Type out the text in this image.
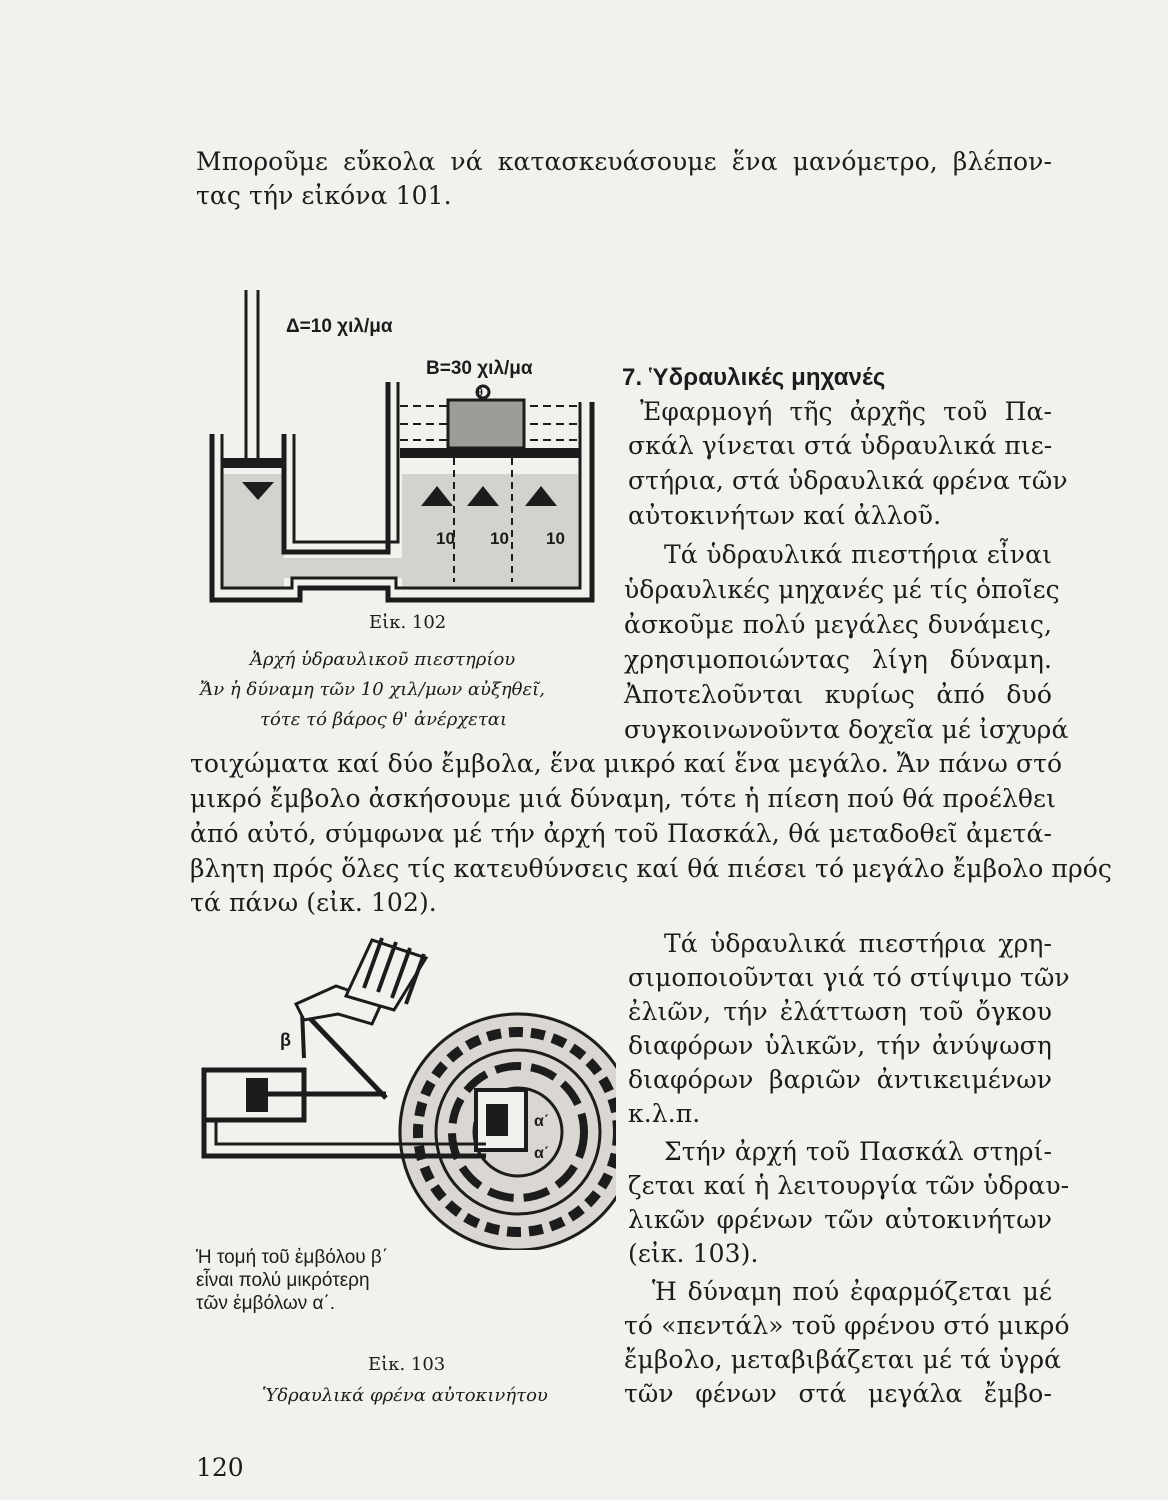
Μποροῦμε εὔκολα νά κατασκευάσουμε ἕνα μανόμετρο, βλέπον-
τας τήν εἰκόνα 101.
Δ=10 χιλ/μα
Β=30 χιλ/μα
θ
10 10 10
Εἰκ. 102
Ἀρχή ὑδραυλικοῦ πιεστηρίου
Ἄν ἡ δύναμη τῶν 10 χιλ/μων αὐξηθεῖ,
τότε τό βάρος θ' ἀνέρχεται
7. Ὑδραυλικές μηχανές
Ἐφαρμογή τῆς ἀρχῆς τοῦ Πα-
σκάλ γίνεται στά ὑδραυλικά πιε-
στήρια, στά ὑδραυλικά φρένα τῶν
αὐτοκινήτων καί ἀλλοῦ.
Τά ὑδραυλικά πιεστήρια εἶναι
ὑδραυλικές μηχανές μέ τίς ὁποῖες
ἀσκοῦμε πολύ μεγάλες δυνάμεις,
χρησιμοποιώντας λίγη δύναμη.
Ἀποτελοῦνται κυρίως ἀπό δυό
συγκοινωνοῦντα δοχεῖα μέ ἰσχυρά
τοιχώματα καί δύο ἔμβολα, ἕνα μικρό καί ἕνα μεγάλο. Ἄν πάνω στό
μικρό ἔμβολο ἀσκήσουμε μιά δύναμη, τότε ἡ πίεση πού θά προέλθει
ἀπό αὐτό, σύμφωνα μέ τήν ἀρχή τοῦ Πασκάλ, θά μεταδοθεῖ ἀμετά-
βλητη πρός ὅλες τίς κατευθύνσεις καί θά πιέσει τό μεγάλο ἔμβολο πρός
τά πάνω (εἰκ. 102).
Τά ὑδραυλικά πιεστήρια χρη-
σιμοποιοῦνται γιά τό στίψιμο τῶν
ἐλιῶν, τήν ἐλάττωση τοῦ ὄγκου
διαφόρων ὑλικῶν, τήν ἀνύψωση
διαφόρων βαριῶν ἀντικειμένων
κ.λ.π.
Στήν ἀρχή τοῦ Πασκάλ στηρί-
ζεται καί ἡ λειτουργία τῶν ὑδραυ-
λικῶν φρένων τῶν αὐτοκινήτων
(εἰκ. 103).
Ἡ δύναμη πού ἐφαρμόζεται μέ
τό «πεντάλ» τοῦ φρένου στό μικρό
ἔμβολο, μεταβιβάζεται μέ τά ὑγρά
τῶν φένων στά μεγάλα ἔμβο-
β
α΄
α΄
Ἡ τομή τοῦ ἐμβόλου β΄
εἶναι πολύ μικρότερη
τῶν ἐμβόλων α΄.
Εἰκ. 103
Ὑδραυλικά φρένα αὐτοκινήτου
120
